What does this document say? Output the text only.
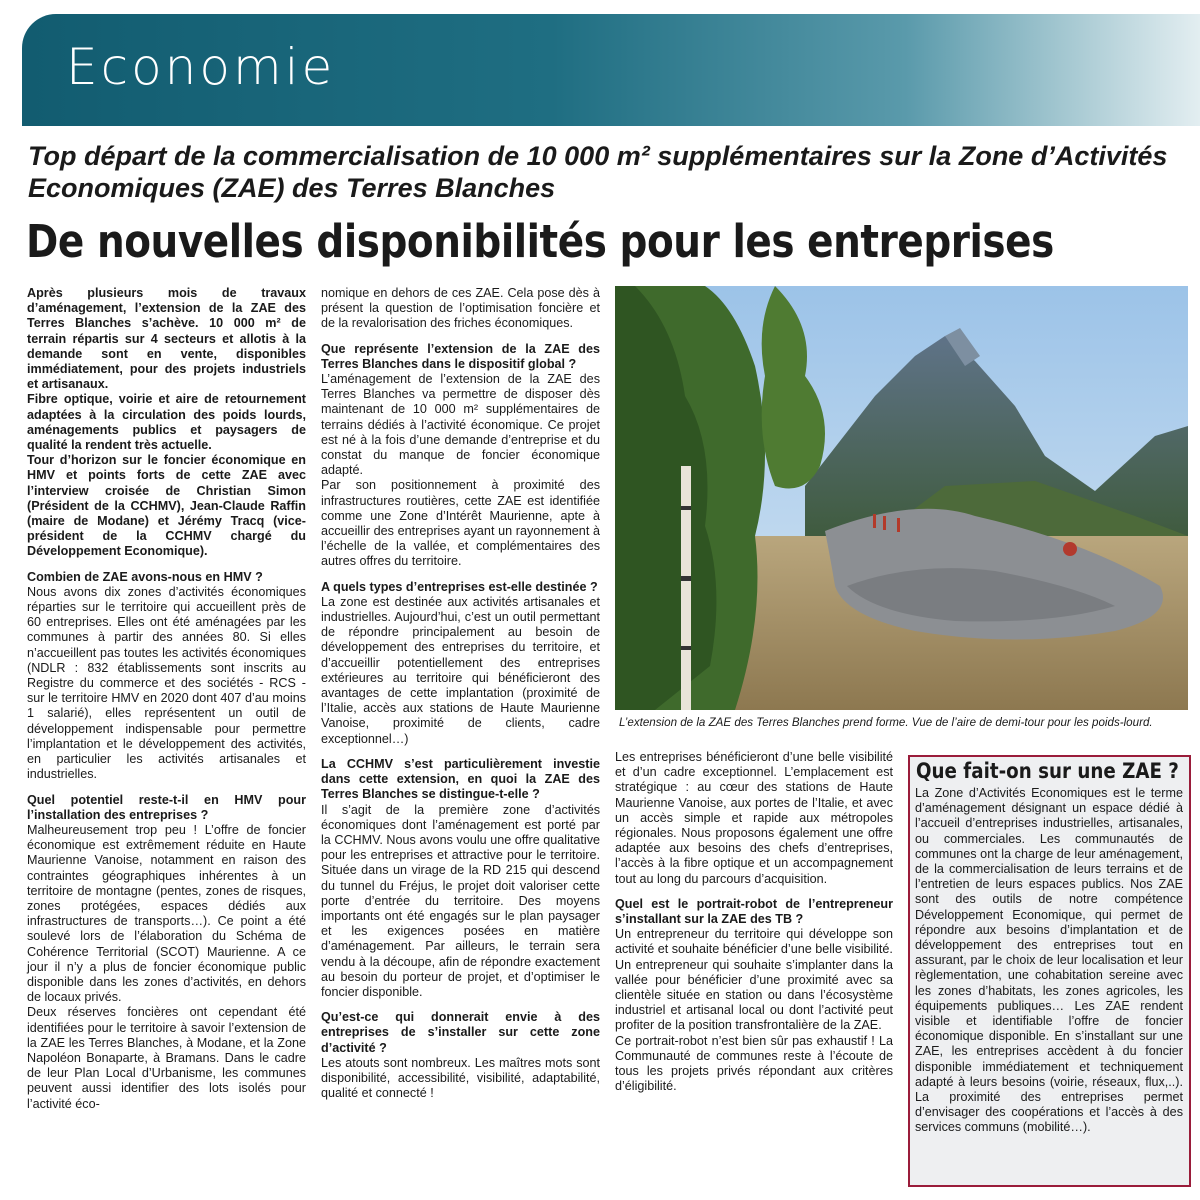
Economie
Top départ de la commercialisation de 10 000 m² supplémentaires sur la Zone d’Activités Economiques (ZAE) des Terres Blanches
De nouvelles disponibilités pour les entreprises

Après plusieurs mois de travaux d’aménagement, l’extension de la ZAE des Terres Blanches s’achève. 10 000 m² de terrain répartis sur 4 secteurs et allotis à la demande sont en vente, disponibles immédiatement, pour des projets industriels et artisanaux.

Fibre optique, voirie et aire de retournement adaptées à la circulation des poids lourds, aménagements publics et paysagers de qualité la rendent très actuelle.

Tour d’horizon sur le foncier économique en HMV et points forts de cette ZAE avec l’interview croisée de Christian Simon (Président de la CCHMV), Jean-Claude Raffin (maire de Modane) et Jérémy Tracq (vice-président de la CCHMV chargé du Développement Economique).

Combien de ZAE avons-nous en HMV ?

Nous avons dix zones d’activités économiques réparties sur le territoire qui accueillent près de 60 entreprises. Elles ont été aménagées par les communes à partir des années 80. Si elles n’accueillent pas toutes les activités économiques (NDLR : 832 établissements sont inscrits au Registre du commerce et des sociétés - RCS - sur le territoire HMV en 2020 dont 407 d’au moins 1 salarié), elles représentent un outil de développement indispensable pour permettre l’implantation et le développement des activités, en particulier les activités artisanales et industrielles.

Quel potentiel reste-t-il en HMV pour l’installation des entreprises ?

Malheureusement trop peu ! L’offre de foncier économique est extrêmement réduite en Haute Maurienne Vanoise, notamment en raison des contraintes géographiques inhérentes à un territoire de montagne (pentes, zones de risques, zones protégées, espaces dédiés aux infrastructures de transports…). Ce point a été soulevé lors de l’élaboration du Schéma de Cohérence Territorial (SCOT) Maurienne. A ce jour il n’y a plus de foncier économique public disponible dans les zones d’activités, en dehors de locaux privés.

Deux réserves foncières ont cependant été identifiées pour le territoire à savoir l’extension de la ZAE les Terres Blanches, à Modane, et la Zone Napoléon Bonaparte, à Bramans. Dans le cadre de leur Plan Local d’Urbanisme, les communes peuvent aussi identifier des lots isolés pour l’activité éco-

nomique en dehors de ces ZAE. Cela pose dès à présent la question de l’optimisation foncière et de la revalorisation des friches économiques.

Que représente l’extension de la ZAE des Terres Blanches dans le dispositif global ?

L’aménagement de l’extension de la ZAE des Terres Blanches va permettre de disposer dès maintenant de 10 000 m² supplémentaires de terrains dédiés à l’activité économique. Ce projet est né à la fois d’une demande d’entreprise et du constat du manque de foncier économique adapté.

Par son positionnement à proximité des infrastructures routières, cette ZAE est identifiée comme une Zone d’Intérêt Maurienne, apte à accueillir des entreprises ayant un rayonnement à l’échelle de la vallée, et complémentaires des autres offres du territoire.

A quels types d’entreprises est-elle destinée ?

La zone est destinée aux activités artisanales et industrielles. Aujourd’hui, c’est un outil permettant de répondre principalement au besoin de développement des entreprises du territoire, et d’accueillir potentiellement des entreprises extérieures au territoire qui bénéficieront des avantages de cette implantation (proximité de l’Italie, accès aux stations de Haute Maurienne Vanoise, proximité de clients, cadre exceptionnel…)

La CCHMV s’est particulièrement investie dans cette extension, en quoi la ZAE des Terres Blanches se distingue-t-elle ?

Il s’agit de la première zone d’activités économiques dont l’aménagement est porté par la CCHMV. Nous avons voulu une offre qualitative pour les entreprises et attractive pour le territoire. Située dans un virage de la RD 215 qui descend du tunnel du Fréjus, le projet doit valoriser cette porte d’entrée du territoire. Des moyens importants ont été engagés sur le plan paysager et les exigences posées en matière d’aménagement. Par ailleurs, le terrain sera vendu à la découpe, afin de répondre exactement au besoin du porteur de projet, et d’optimiser le foncier disponible.

Qu’est-ce qui donnerait envie à des entreprises de s’installer sur cette zone d’activité ?

Les atouts sont nombreux. Les maîtres mots sont disponibilité, accessibilité, visibilité, adaptabilité, qualité et connecté !

L’extension de la ZAE des Terres Blanches prend forme. Vue de l’aire de demi-tour pour les poids-lourd.

Les entreprises bénéficieront d’une belle visibilité et d’un cadre exceptionnel. L’emplacement est stratégique : au cœur des stations de Haute Maurienne Vanoise, aux portes de l’Italie, et avec un accès simple et rapide aux métropoles régionales. Nous proposons également une offre adaptée aux besoins des chefs d’entreprises, l’accès à la fibre optique et un accompagnement tout au long du parcours d’acquisition.

Quel est le portrait-robot de l’entrepreneur s’installant sur la ZAE des TB ?

Un entrepreneur du territoire qui développe son activité et souhaite bénéficier d’une belle visibilité.

Un entrepreneur qui souhaite s’implanter dans la vallée pour bénéficier d’une proximité avec sa clientèle située en station ou dans l’écosystème industriel et artisanal local ou dont l’activité peut profiter de la position transfrontalière de la ZAE.

Ce portrait-robot n’est bien sûr pas exhaustif ! La Communauté de communes reste à l’écoute de tous les projets privés répondant aux critères d’éligibilité.

Que fait-on sur une ZAE ?

La Zone d’Activités Economiques est le terme d’aménagement désignant un espace dédié à l’accueil d’entreprises industrielles, artisanales, ou commerciales. Les communautés de communes ont la charge de leur aménagement, de la commercialisation de leurs terrains et de l’entretien de leurs espaces publics. Nos ZAE sont des outils de notre compétence Développement Economique, qui permet de répondre aux besoins d’implantation et de développement des entreprises tout en assurant, par le choix de leur localisation et leur règlementation, une cohabitation sereine avec les zones d’habitats, les zones agricoles, les équipements publiques… Les ZAE rendent visible et identifiable l’offre de foncier économique disponible. En s’installant sur une ZAE, les entreprises accèdent à du foncier disponible immédiatement et techniquement adapté à leurs besoins (voirie, réseaux, flux,..). La proximité des entreprises permet d’envisager des coopérations et l’accès à des services communs (mobilité…).
